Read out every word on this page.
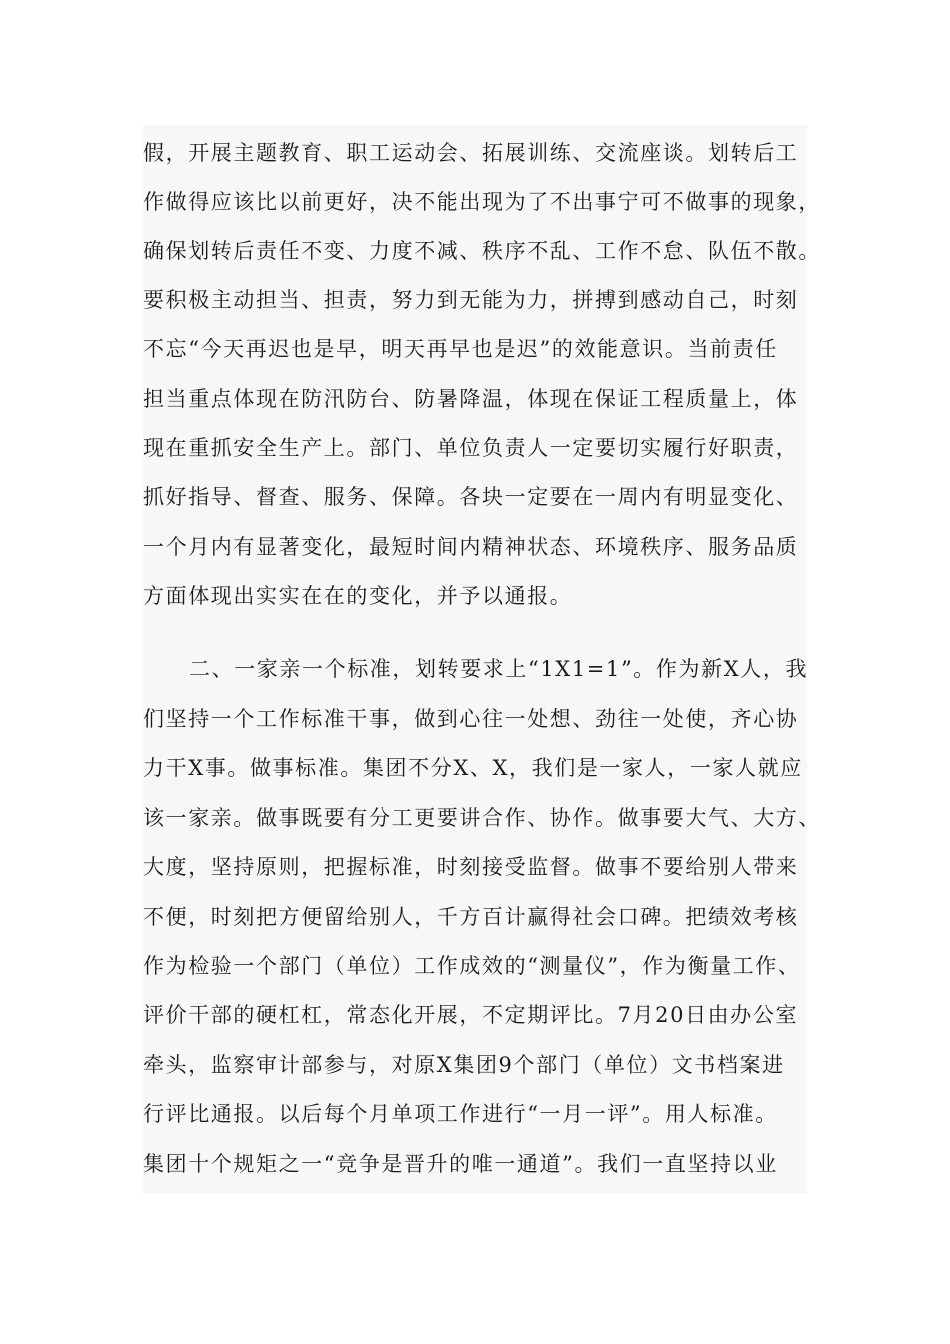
假，开展主题教育、职工运动会、拓展训练、交流座谈。划转后工
作做得应该比以前更好，决不能出现为了不出事宁可不做事的现象，
确保划转后责任不变、力度不减、秩序不乱、工作不怠、队伍不散。
要积极主动担当、担责，努力到无能为力，拼搏到感动自己，时刻
不忘“今天再迟也是早，明天再早也是迟”的效能意识。当前责任
担当重点体现在防汛防台、防暑降温，体现在保证工程质量上，体
现在重抓安全生产上。部门、单位负责人一定要切实履行好职责，
抓好指导、督查、服务、保障。各块一定要在一周内有明显变化、
一个月内有显著变化，最短时间内精神状态、环境秩序、服务品质
方面体现出实实在在的变化，并予以通报。
二、一家亲一个标准，划转要求上“1X1=1”。作为新X人，我
们坚持一个工作标准干事，做到心往一处想、劲往一处使，齐心协
力干X事。做事标准。集团不分X、X，我们是一家人，一家人就应
该一家亲。做事既要有分工更要讲合作、协作。做事要大气、大方、
大度，坚持原则，把握标准，时刻接受监督。做事不要给别人带来
不便，时刻把方便留给别人，千方百计赢得社会口碑。把绩效考核
作为检验一个部门（单位）工作成效的“测量仪”，作为衡量工作、
评价干部的硬杠杠，常态化开展，不定期评比。7月20日由办公室
牵头，监察审计部参与，对原X集团9个部门（单位）文书档案进
行评比通报。以后每个月单项工作进行“一月一评”。用人标准。
集团十个规矩之一“竞争是晋升的唯一通道”。我们一直坚持以业
